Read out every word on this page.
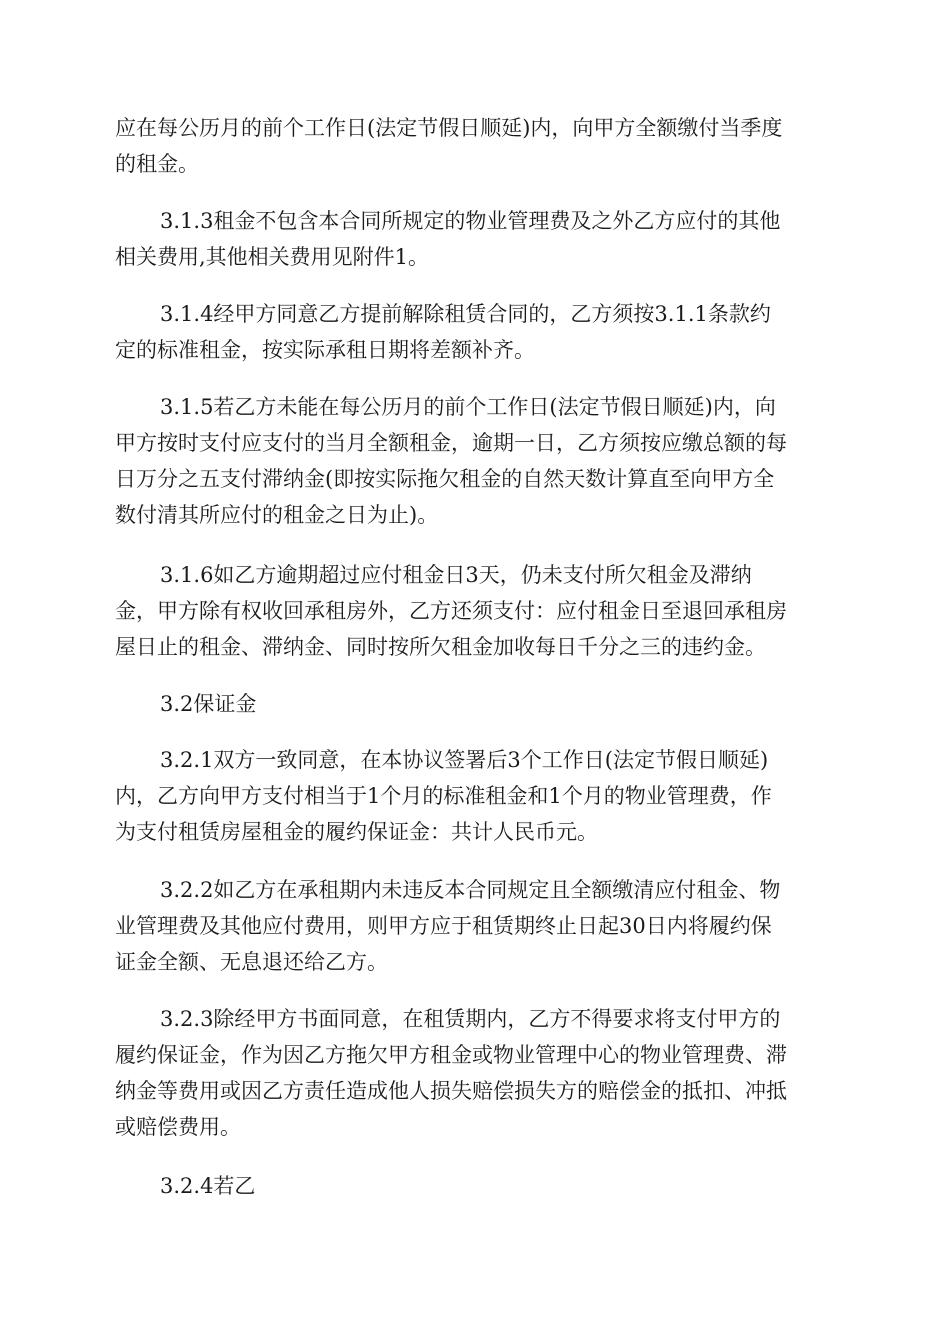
应在每公历月的前个工作日(法定节假日顺延)内，向甲方全额缴付当季度
的租金。
3.1.3租金不包含本合同所规定的物业管理费及之外乙方应付的其他
相关费用,其他相关费用见附件1。
3.1.4经甲方同意乙方提前解除租赁合同的，乙方须按3.1.1条款约
定的标准租金，按实际承租日期将差额补齐。
3.1.5若乙方未能在每公历月的前个工作日(法定节假日顺延)内，向
甲方按时支付应支付的当月全额租金，逾期一日，乙方须按应缴总额的每
日万分之五支付滞纳金(即按实际拖欠租金的自然天数计算直至向甲方全
数付清其所应付的租金之日为止)。
3.1.6如乙方逾期超过应付租金日3天，仍未支付所欠租金及滞纳
金，甲方除有权收回承租房外，乙方还须支付：应付租金日至退回承租房
屋日止的租金、滞纳金、同时按所欠租金加收每日千分之三的违约金。
3.2保证金
3.2.1双方一致同意，在本协议签署后3个工作日(法定节假日顺延)
内，乙方向甲方支付相当于1个月的标准租金和1个月的物业管理费，作
为支付租赁房屋租金的履约保证金：共计人民币元。
3.2.2如乙方在承租期内未违反本合同规定且全额缴清应付租金、物
业管理费及其他应付费用，则甲方应于租赁期终止日起30日内将履约保
证金全额、无息退还给乙方。
3.2.3除经甲方书面同意，在租赁期内，乙方不得要求将支付甲方的
履约保证金，作为因乙方拖欠甲方租金或物业管理中心的物业管理费、滞
纳金等费用或因乙方责任造成他人损失赔偿损失方的赔偿金的抵扣、冲抵
或赔偿费用。
3.2.4若乙
